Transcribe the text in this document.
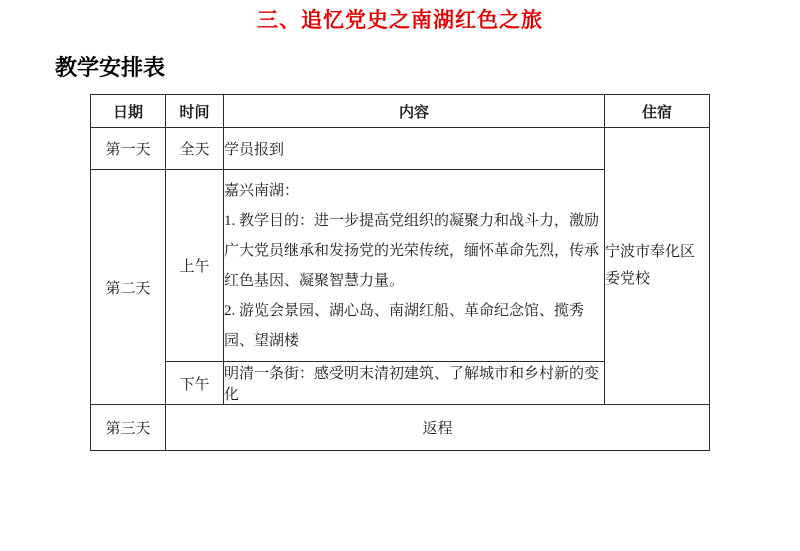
三、追忆党史之南湖红色之旅
教学安排表
日期	时间	内容	住宿
第一天	全天	学员报到	宁波市奉化区委党校
第二天	上午	嘉兴南湖：

1. 教学目的：进一步提高党组织的凝聚力和战斗力，激励广大党员继承和发扬党的光荣传统，缅怀革命先烈，传承红色基因、凝聚智慧力量。

2. 游览会景园、湖心岛、南湖红船、革命纪念馆、揽秀园、望湖楼	

	下午	明清一条街：感受明末清初建筑、了解城市和乡村新的变化	
第三天	返程		
